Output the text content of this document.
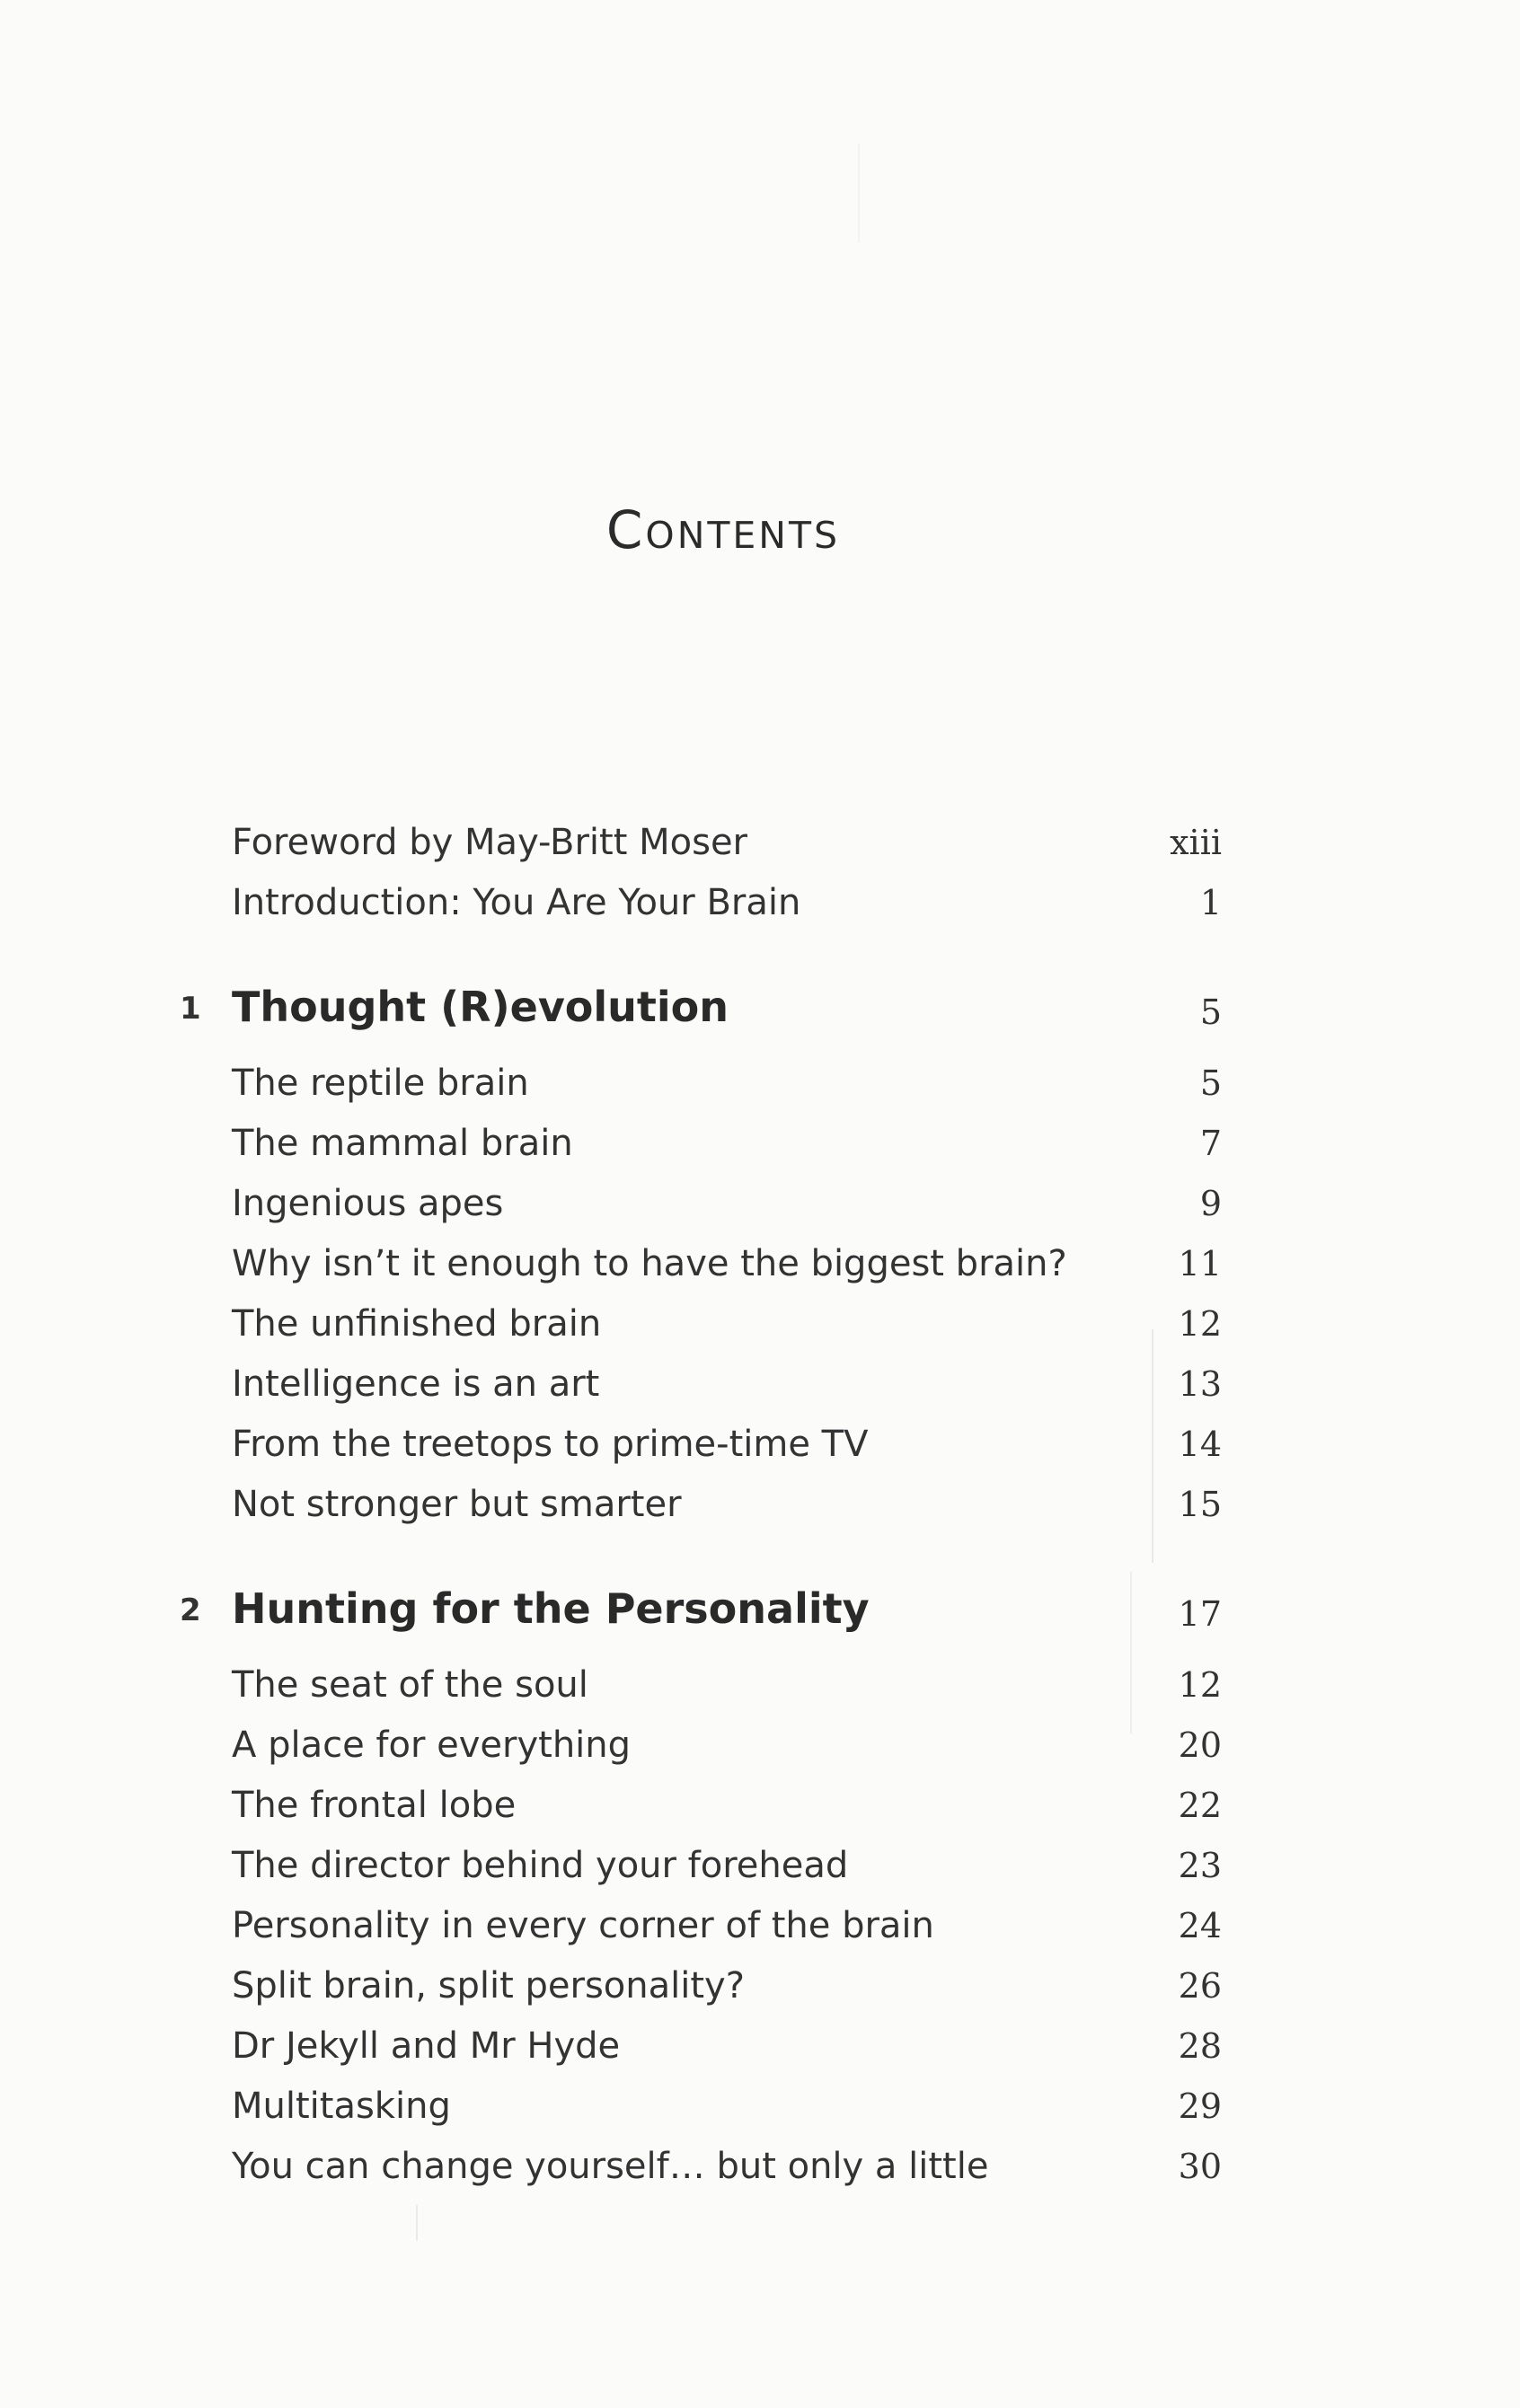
Contents
Foreword by May-Britt Moser	xiii
Introduction: You Are Your Brain	1
1 Thought (R)evolution	5
The reptile brain	5
The mammal brain	7
Ingenious apes	9
Why isn’t it enough to have the biggest brain?	11
The unfinished brain	12
Intelligence is an art	13
From the treetops to prime-time TV	14
Not stronger but smarter	15
2 Hunting for the Personality	17
The seat of the soul	12
A place for everything	20
The frontal lobe	22
The director behind your forehead	23
Personality in every corner of the brain	24
Split brain, split personality?	26
Dr Jekyll and Mr Hyde	28
Multitasking	29
You can change yourself… but only a little	30
